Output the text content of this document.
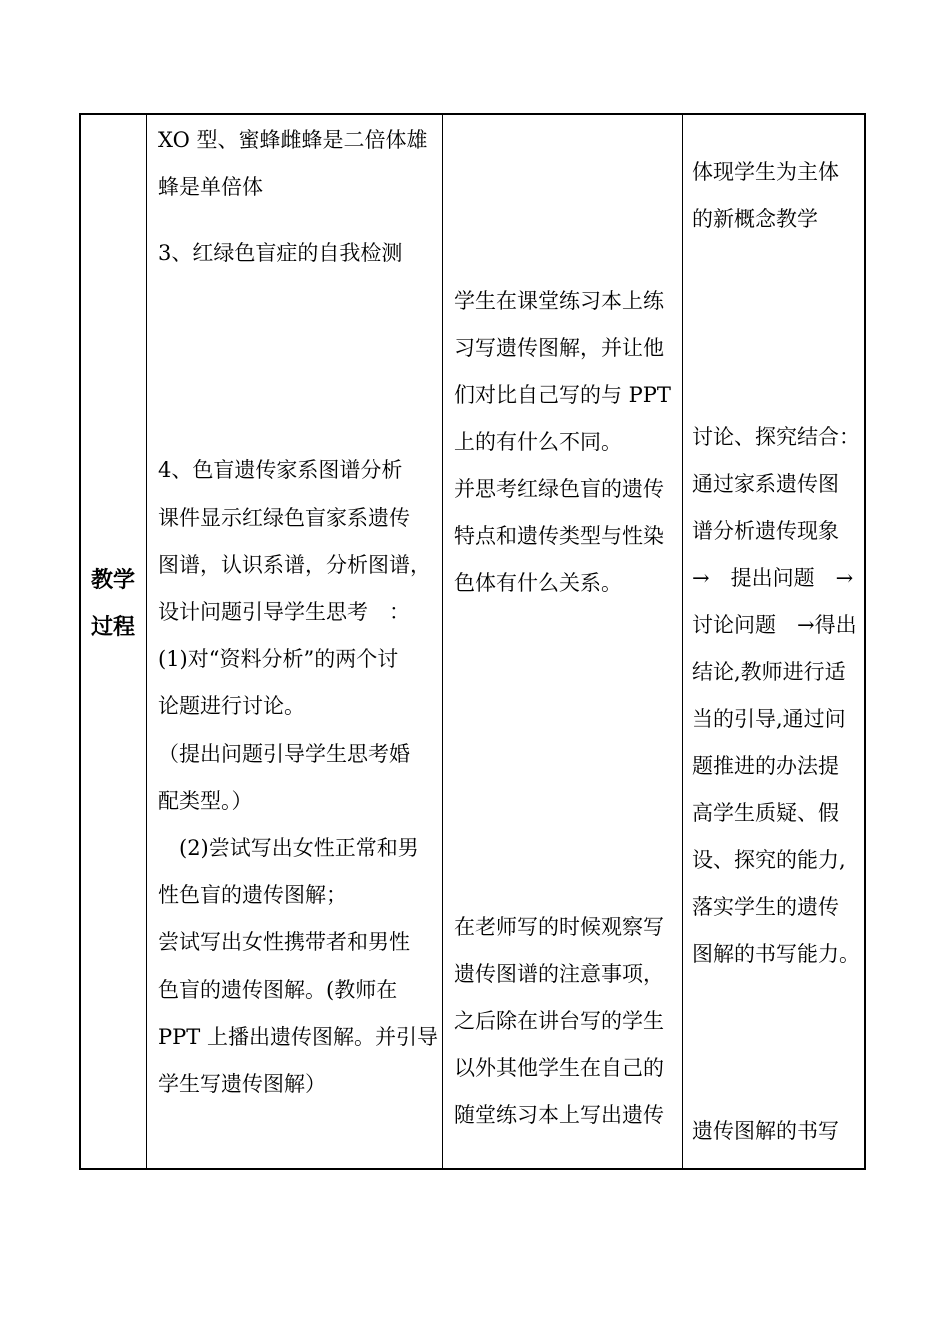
教学
过程
XO 型、蜜蜂雌蜂是二倍体雄
蜂是单倍体
3、红绿色盲症的自我检测
4、色盲遗传家系图谱分析
课件显示红绿色盲家系遗传
图谱，认识系谱，分析图谱，
设计问题引导学生思考　：
(1)对“资料分析”的两个讨
论题进行讨论。
（提出问题引导学生思考婚
配类型。）
(2)尝试写出女性正常和男
性色盲的遗传图解；
尝试写出女性携带者和男性
色盲的遗传图解。(教师在
PPT 上播出遗传图解。并引导
学生写遗传图解）
学生在课堂练习本上练
习写遗传图解，并让他
们对比自己写的与 PPT
上的有什么不同。
并思考红绿色盲的遗传
特点和遗传类型与性染
色体有什么关系。
在老师写的时候观察写
遗传图谱的注意事项，
之后除在讲台写的学生
以外其他学生在自己的
随堂练习本上写出遗传
体现学生为主体
的新概念教学
讨论、探究结合：
通过家系遗传图
谱分析遗传现象
→　提出问题　→
讨论问题　→得出
结论,教师进行适
当的引导,通过问
题推进的办法提
高学生质疑、假
设、探究的能力,
落实学生的遗传
图解的书写能力。
遗传图解的书写
